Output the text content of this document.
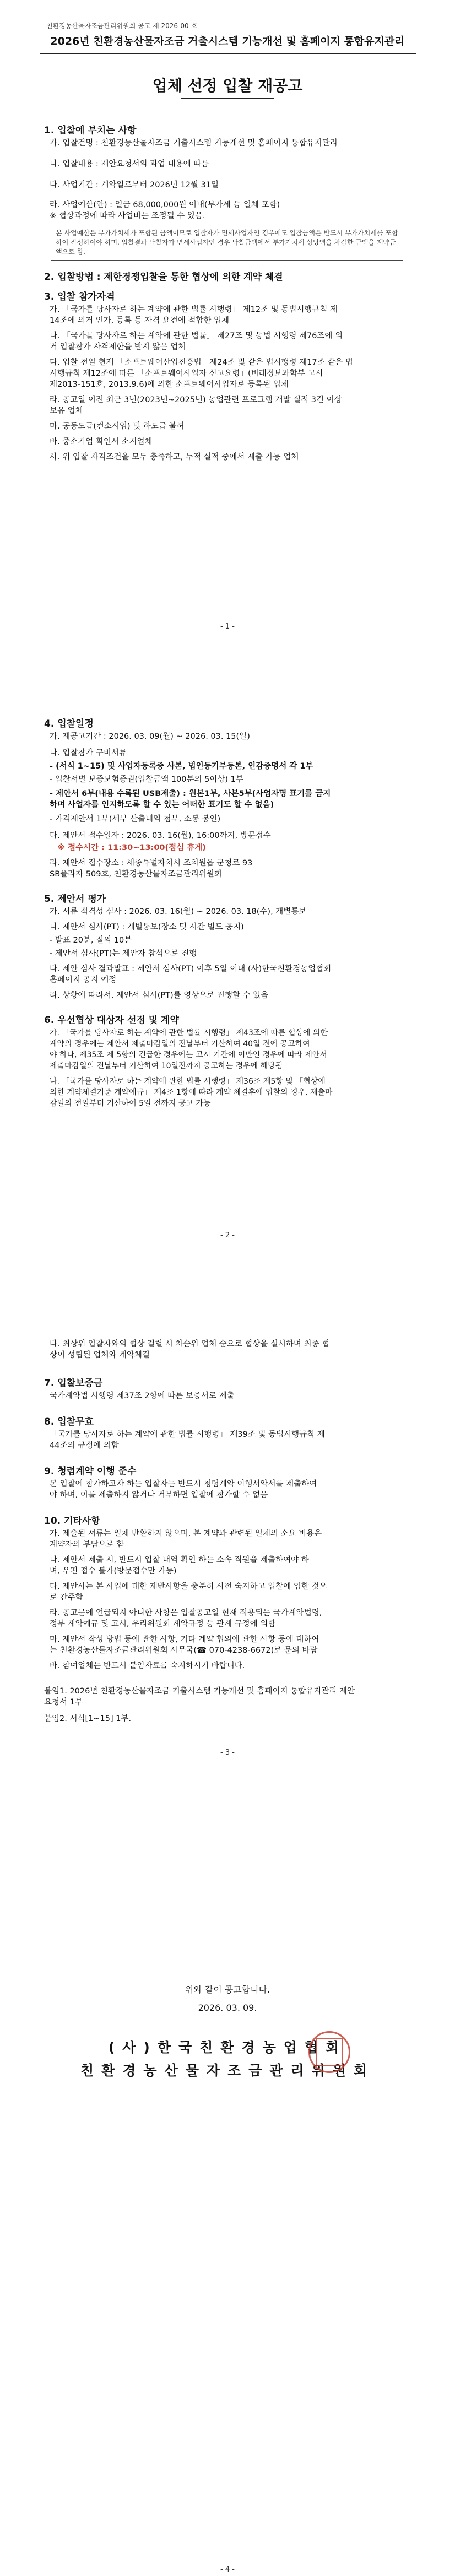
친환경농산물자조금관리위원회 공고 제 2026-00 호
2026년 친환경농산물자조금 거출시스템 기능개선 및 홈페이지 통합유지관리
업체 선정 입찰 재공고
1. 입찰에 부치는 사항
가. 입찰건명 : 친환경농산물자조금 거출시스템 기능개선 및 홈페이지 통합유지관리
나. 입찰내용 : 제안요청서의 과업 내용에 따름
다. 사업기간 : 계약일로부터 2026년 12월 31일
라. 사업예산(안) : 일금 68,000,000원 이내(부가세 등 일체 포함)
※ 협상과정에 따라 사업비는 조정될 수 있음.
본 사업예산은 부가가치세가 포함된 금액이므로 입찰자가 면세사업자인 경우에도 입찰금액은 반드시 부가가치세를 포함하여 작성하여야 하며, 입찰결과 낙찰자가 면세사업자인 경우 낙찰금액에서 부가가치세 상당액을 차감한 금액을 계약금액으로 함.
2. 입찰방법 : 제한경쟁입찰을 통한 협상에 의한 계약 체결
3. 입찰 참가자격
가. 「국가를 당사자로 하는 계약에 관한 법률 시행령」 제12조 및 동법시행규칙 제
14조에 의거 인가, 등록 등 자격 요건에 적합한 업체
나. 「국가를 당사자로 하는 계약에 관한 법률」 제27조 및 동법 시행령 제76조에 의
거 입찰참가 자격제한을 받지 않은 업체
다. 입찰 전일 현재 「소프트웨어산업진흥법」제24조 및 같은 법시행령 제17조 같은 법
시행규칙 제12조에 따른 「소프트웨어사업자 신고요령」(비래정보과학부 고시
제2013-151호, 2013.9.6)에 의한 소프트웨어사업자로 등록된 업체
라. 공고일 이전 최근 3년(2023년~2025년) 농업관련 프로그램 개발 실적 3건 이상
보유 업체
마. 공동도급(컨소시엄) 및 하도급 불허
바. 중소기업 확인서 소지업체
사. 위 입찰 자격조건을 모두 충족하고, 누적 실적 중에서 제출 가능 업체
- 1 -
4. 입찰일정
가. 재공고기간 : 2026. 03. 09(월) ~ 2026. 03. 15(일)
나. 입찰참가 구비서류
- (서식 1~15) 및 사업자등록증 사본, 법인등기부등본, 인감증명서 각 1부
- 입찰서별 보증보험증권(입찰금액 100분의 5이상) 1부
- 제안서 6부(내용 수록된 USB제출) : 원본1부, 사본5부(사업자명 표기를 금지
하며 사업자를 인지하도록 할 수 있는 어떠한 표기도 할 수 없음)
- 가격제안서 1부(세부 산출내역 첨부, 소봉 봉인)
다. 제안서 접수일자 : 2026. 03. 16(월), 16:00까지, 방문접수
※ 접수시간 : 11:30~13:00(점심 휴게)
라. 제안서 접수장소 : 세종특별자치시 조치원읍 군청로 93
SB플라자 509호, 친환경농산물자조금관리위원회
5. 제안서 평가
가. 서류 적격성 심사 : 2026. 03. 16(월) ~ 2026. 03. 18(수), 개별통보
나. 제안서 심사(PT) : 개별통보(장소 및 시간 별도 공지)
- 발표 20분, 질의 10분
- 제안서 심사(PT)는 제안자 참석으로 진행
다. 제안 심사 결과발표 : 제안서 심사(PT) 이후 5일 이내 (사)한국친환경농업협회
홈페이지 공지 예정
라. 상황에 따라서, 제안서 심사(PT)를 영상으로 진행할 수 있음
6. 우선협상 대상자 선정 및 계약
가. 「국가를 당사자로 하는 계약에 관한 법률 시행령」 제43조에 따른 협상에 의한
계약의 경우에는 제안서 제출마감일의 전날부터 기산하여 40일 전에 공고하여
야 하나, 제35조 제 5항의 긴급한 경우에는 고시 기간에 이만인 경우에 따라 제안서
제출마감일의 전날부터 기산하여 10일전까지 공고하는 경우에 해당됨
나. 「국가를 당사자로 하는 계약에 관한 법률 시행령」 제36조 제5항 및 「협상에
의한 계약체결기준 계약예규」 제4조 1항에 따라 계약 체결후에 입찰의 경우, 제출마
감일의 전일부터 기산하여 5일 전까지 공고 가능
- 2 -
다. 최상위 입찰자와의 협상 결렬 시 차순위 업체 순으로 협상을 실시하며 최종 협
상이 성립된 업체와 계약체결
7. 입찰보증금
국가계약법 시행령 제37조 2항에 따른 보증서로 제출
8. 입찰무효
「국가를 당사자로 하는 계약에 관한 법률 시행령」 제39조 및 동법시행규칙 제
44조의 규정에 의함
9. 청렴계약 이행 준수
본 입찰에 참가하고자 하는 입찰자는 반드시 청렴계약 이행서약서를 제출하여
야 하며, 이를 제출하지 않거나 거부하면 입찰에 참가할 수 없음
10. 기타사항
가. 제출된 서류는 일체 반환하지 않으며, 본 계약과 관련된 일체의 소요 비용은
계약자의 부담으로 함
나. 제안서 제출 시, 반드시 입찰 내역 확인 하는 소속 직원을 제출하여야 하
며, 우편 접수 불가(방문접수만 가능)
다. 제안사는 본 사업에 대한 제반사항을 충분히 사전 숙지하고 입찰에 임한 것으
로 간주함
라. 공고문에 언급되지 아니한 사항은 입찰공고일 현재 적용되는 국가계약법령,
정부 계약예규 및 고시, 우리위원회 계약규정 등 관계 규정에 의함
마. 제안서 작성 방법 등에 관한 사항, 기타 계약 협의에 관한 사항 등에 대하여
는 친환경농산물자조금관리위원회 사무국(☎ 070-4238-6672)로 문의 바람
바. 참여업체는 반드시 붙임자료를 숙지하시기 바랍니다.
붙임1. 2026년 친환경농산물자조금 거출시스템 기능개선 및 홈페이지 통합유지관리 제안
요청서 1부
붙임2. 서식[1~15] 1부.
- 3 -
위와 같이 공고합니다.
2026. 03. 09.
(사)한국친환경농업협회
친환경농산물자조금관리위원회
- 4 -
